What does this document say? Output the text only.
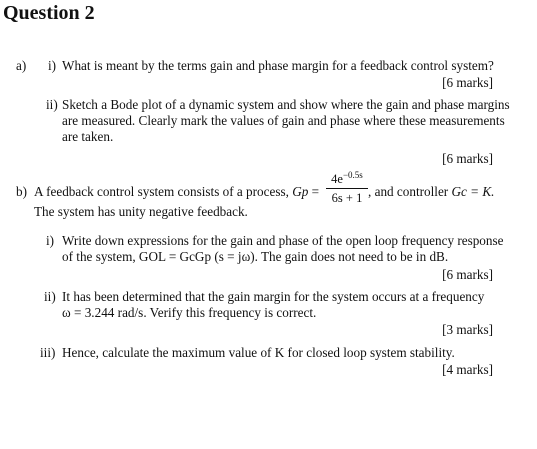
Question 2
a) i) What is meant by the terms gain and phase margin for a feedback control system?
[6 marks]
ii) Sketch a Bode plot of a dynamic system and show where the gain and phase margins
are measured. Clearly mark the values of gain and phase where these measurements
are taken.
[6 marks]
b) A feedback control system consists of a process, Gp =
$4e^{-0.5s}$
6s + 1 , and controller Gc = K.
The system has unity negative feedback.
i) Write down expressions for the gain and phase of the open loop frequency response
of the system, GOL = GcGp (s = jω). The gain does not need to be in dB.
[6 marks]
ii) It has been determined that the gain margin for the system occurs at a frequency
ω = 3.244 rad/s. Verify this frequency is correct.
[3 marks]
iii) Hence, calculate the maximum value of K for closed loop system stability.
[4 marks]
